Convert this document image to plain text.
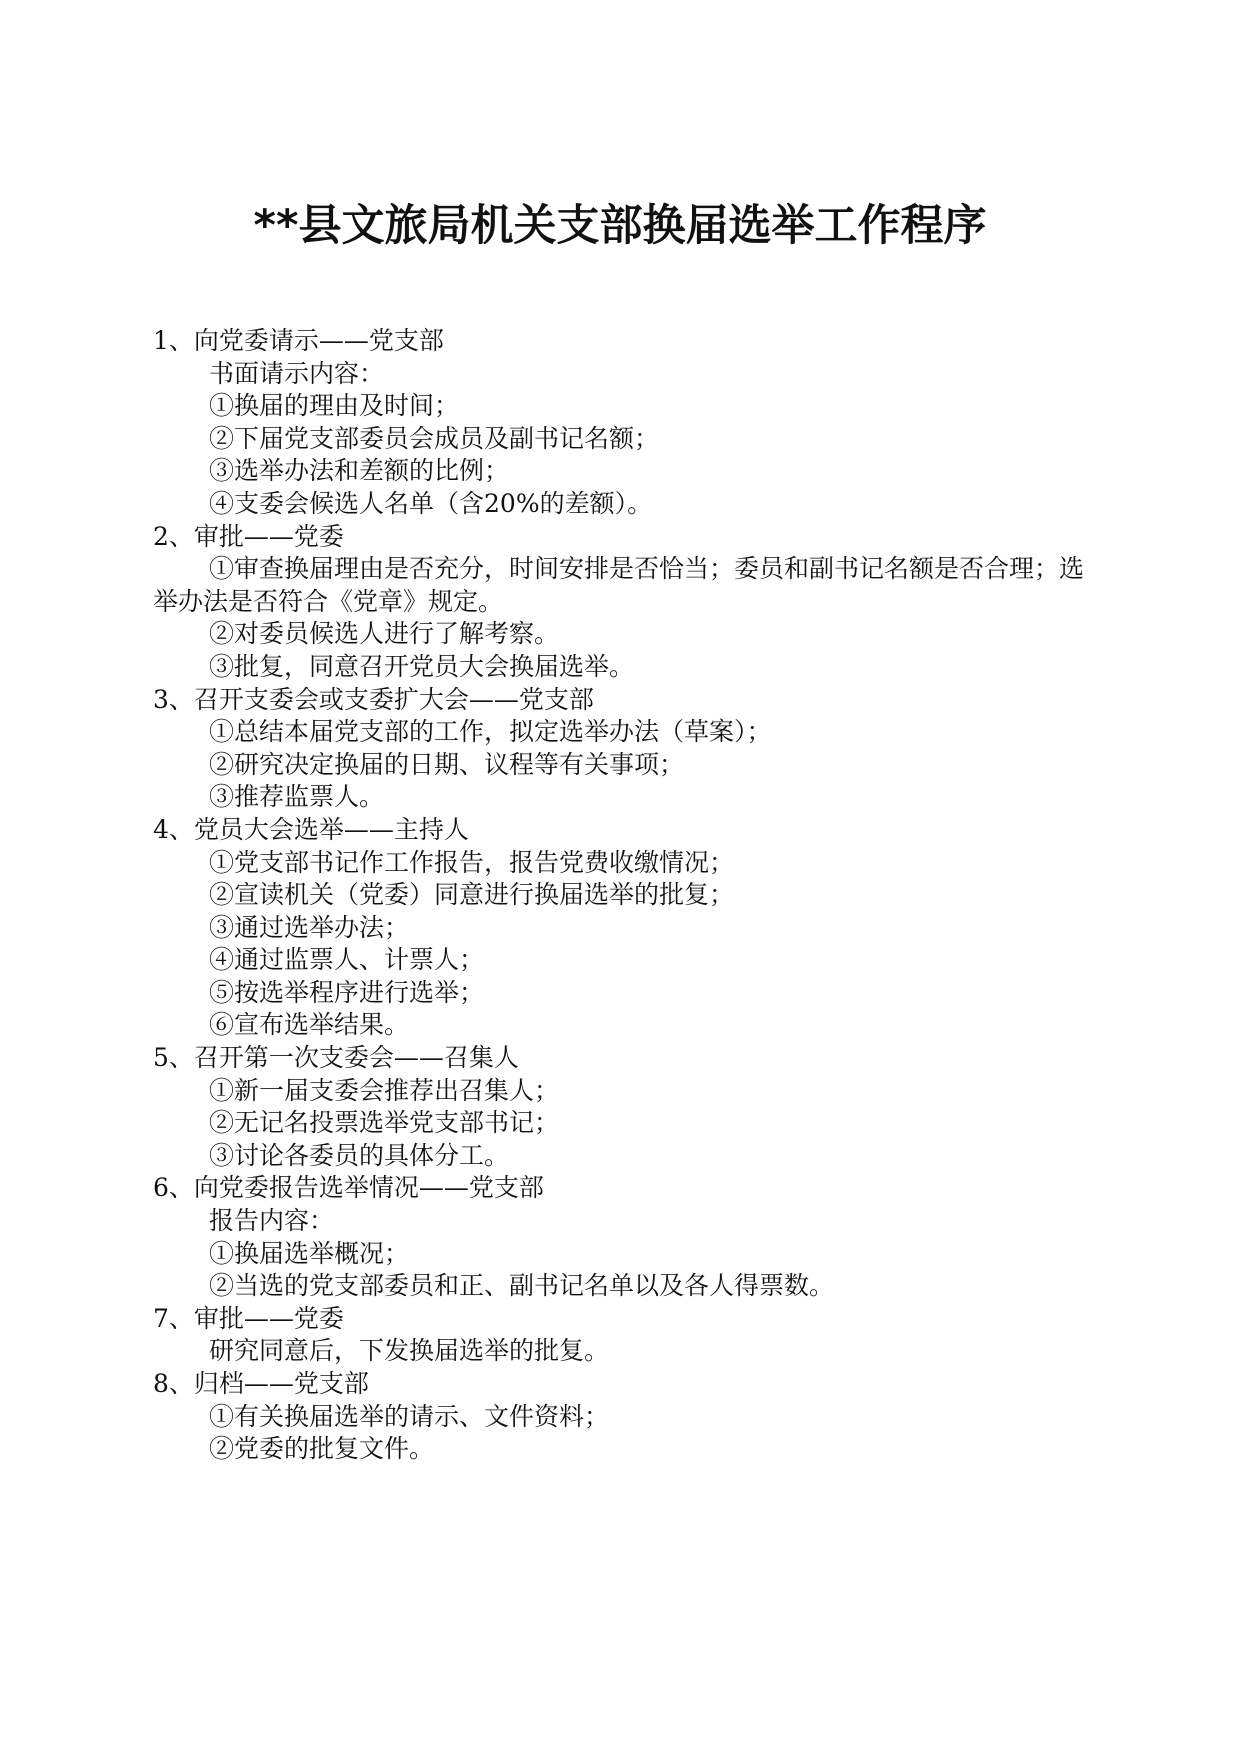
**县文旅局机关支部换届选举工作程序
1、向党委请示——党支部
书面请示内容：
①换届的理由及时间；
②下届党支部委员会成员及副书记名额；
③选举办法和差额的比例；
④支委会候选人名单（含20%的差额）。
2、审批——党委
①审查换届理由是否充分，时间安排是否恰当；委员和副书记名额是否合理；选举办法是否符合《党章》规定。
②对委员候选人进行了解考察。
③批复，同意召开党员大会换届选举。
3、召开支委会或支委扩大会——党支部
①总结本届党支部的工作，拟定选举办法（草案）；
②研究决定换届的日期、议程等有关事项；
③推荐监票人。
4、党员大会选举——主持人
①党支部书记作工作报告，报告党费收缴情况；
②宣读机关（党委）同意进行换届选举的批复；
③通过选举办法；
④通过监票人、计票人；
⑤按选举程序进行选举；
⑥宣布选举结果。
5、召开第一次支委会——召集人
①新一届支委会推荐出召集人；
②无记名投票选举党支部书记；
③讨论各委员的具体分工。
6、向党委报告选举情况——党支部
报告内容：
①换届选举概况；
②当选的党支部委员和正、副书记名单以及各人得票数。
7、审批——党委
研究同意后，下发换届选举的批复。
8、归档——党支部
①有关换届选举的请示、文件资料；
②党委的批复文件。
